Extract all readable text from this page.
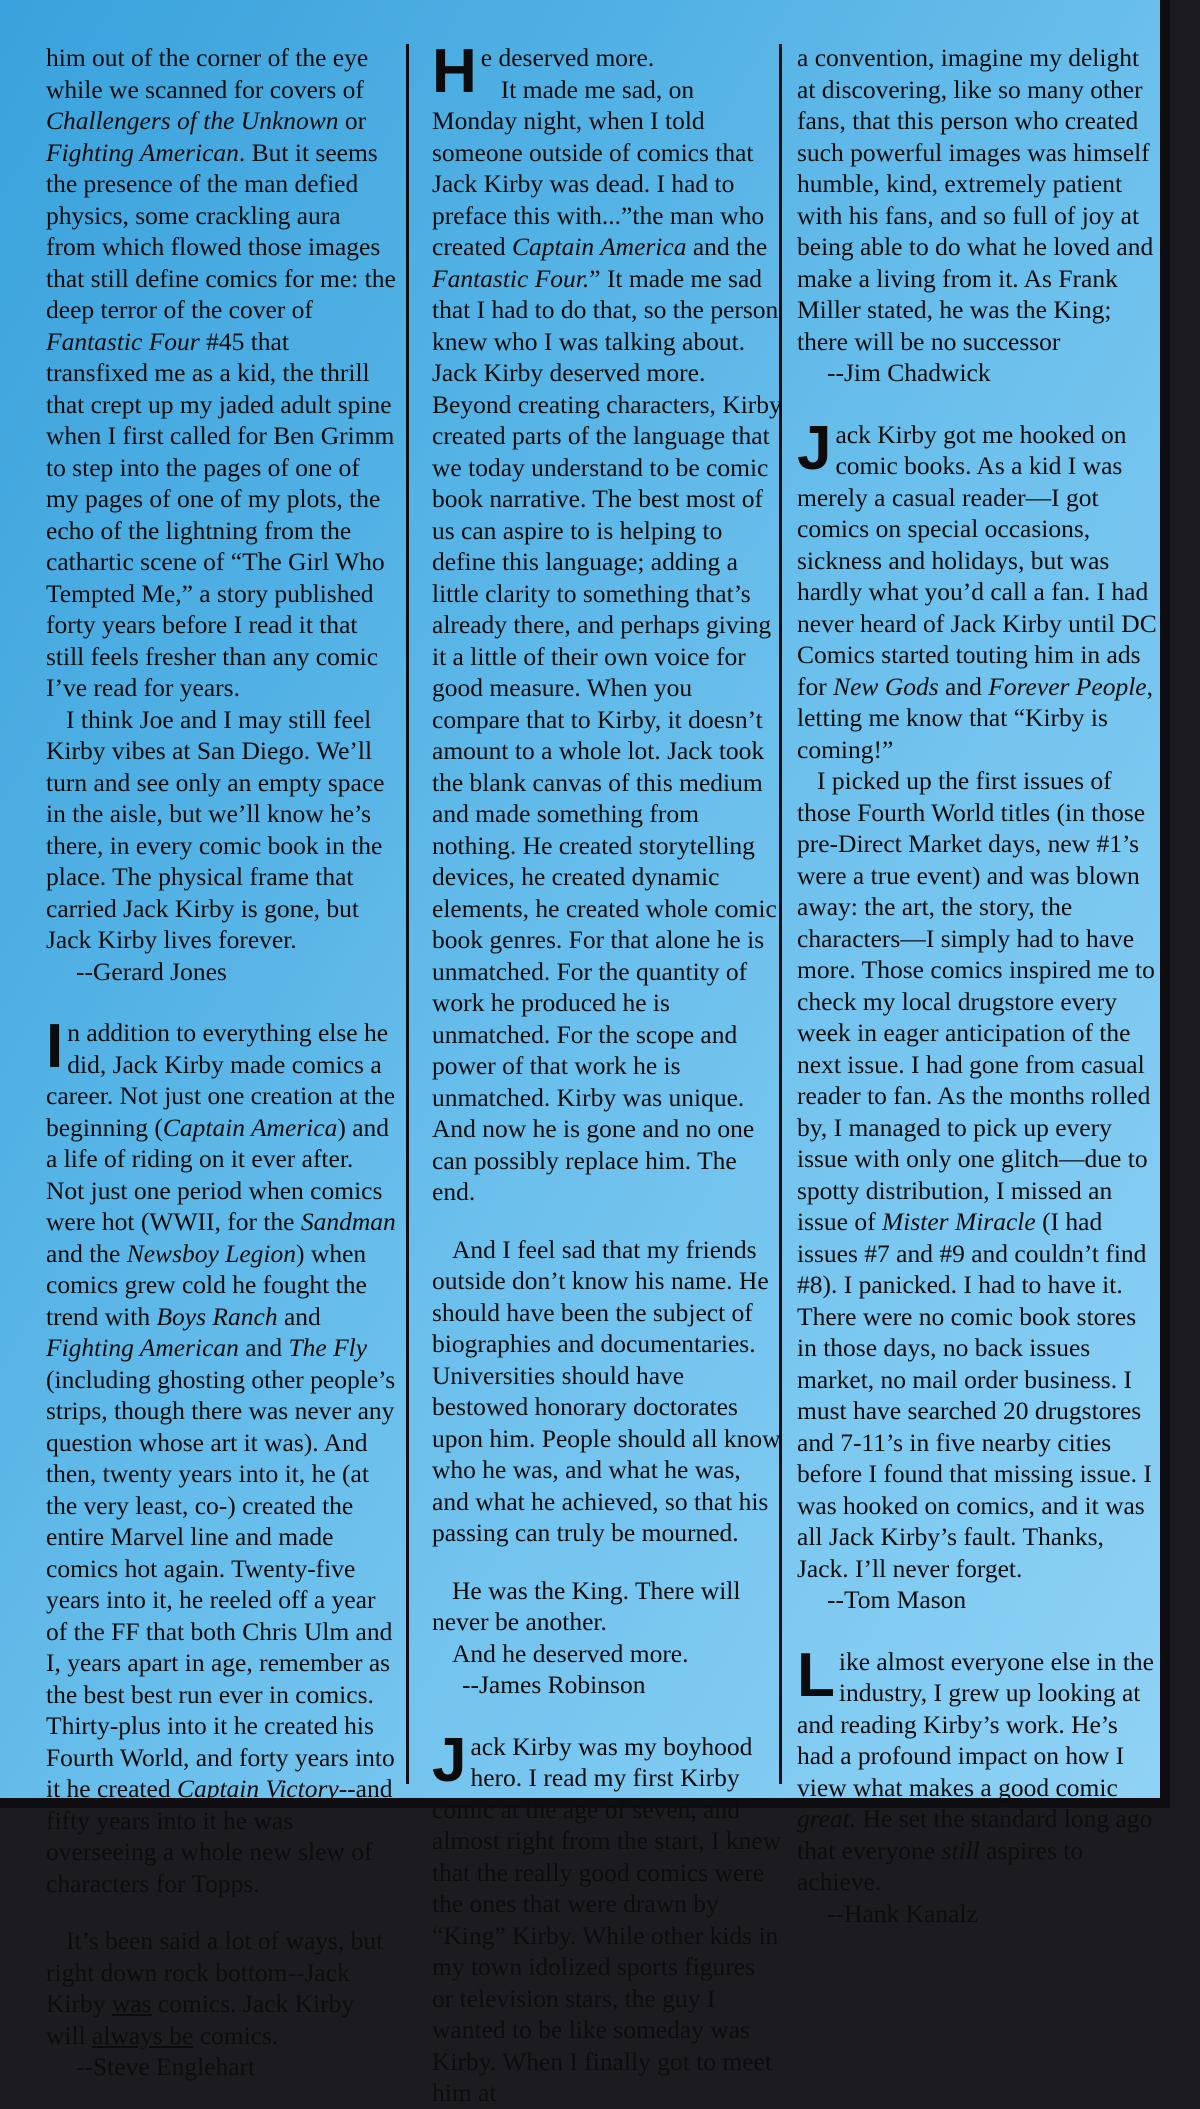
him out of the corner of the eye while we scanned for covers of Challengers of the Unknown or Fighting American. But it seems the presence of the man defied physics, some crackling aura from which flowed those images that still define comics for me: the deep terror of the cover of Fantastic Four #45 that transfixed me as a kid, the thrill that crept up my jaded adult spine when I first called for Ben Grimm to step into the pages of one of my pages of one of my plots, the echo of the lightning from the cathartic scene of “The Girl Who Tempted Me,” a story published forty years before I read it that still feels fresher than any comic I’ve read for years.

I think Joe and I may still feel Kirby vibes at San Diego. We’ll turn and see only an empty space in the aisle, but we’ll know he’s there, in every comic book in the place. The physical frame that carried Jack Kirby is gone, but Jack Kirby lives forever.

--Gerard Jones

In addition to everything else he did, Jack Kirby made comics a career. Not just one creation at the beginning (Captain America) and a life of riding on it ever after. Not just one period when comics were hot (WWII, for the Sandman and the Newsboy Legion) when comics grew cold he fought the trend with Boys Ranch and Fighting American and The Fly (including ghosting other people’s strips, though there was never any question whose art it was). And then, twenty years into it, he (at the very least, co-) created the entire Marvel line and made comics hot again. Twenty-five years into it, he reeled off a year of the FF that both Chris Ulm and I, years apart in age, remember as the best best run ever in comics. Thirty-plus into it he created his Fourth World, and forty years into it he created Captain Victory--and fifty years into it he was overseeing a whole new slew of characters for Topps.

It’s been said a lot of ways, but right down rock bottom--Jack Kirby was comics. Jack Kirby will always be comics.

--Steve Englehart

He deserved more.

It made me sad, on Monday night, when I told someone outside of comics that Jack Kirby was dead. I had to preface this with...”the man who created Captain America and the Fantastic Four.” It made me sad that I had to do that, so the person knew who I was talking about. Jack Kirby deserved more. Beyond creating characters, Kirby created parts of the language that we today understand to be comic book narrative. The best most of us can aspire to is helping to define this language; adding a little clarity to something that’s already there, and perhaps giving it a little of their own voice for good measure. When you compare that to Kirby, it doesn’t amount to a whole lot. Jack took the blank canvas of this medium and made something from nothing. He created storytelling devices, he created dynamic elements, he created whole comic book genres. For that alone he is unmatched. For the quantity of work he produced he is unmatched. For the scope and power of that work he is unmatched. Kirby was unique. And now he is gone and no one can possibly replace him. The end.

And I feel sad that my friends outside don’t know his name. He should have been the subject of biographies and documentaries. Universities should have bestowed honorary doctorates upon him. People should all know who he was, and what he was, and what he achieved, so that his passing can truly be mourned.

He was the King. There will never be another.

And he deserved more.

--James Robinson

Jack Kirby was my boyhood hero. I read my first Kirby comic at the age of seven, and almost right from the start, I knew that the really good comics were the ones that were drawn by “King” Kirby. While other kids in my town idolized sports figures or television stars, the guy I wanted to be like someday was Kirby. When I finally got to meet him at

a convention, imagine my delight at discovering, like so many other fans, that this person who created such powerful images was himself humble, kind, extremely patient with his fans, and so full of joy at being able to do what he loved and make a living from it. As Frank Miller stated, he was the King; there will be no successor

--Jim Chadwick

Jack Kirby got me hooked on comic books. As a kid I was merely a casual reader—I got comics on special occasions, sickness and holidays, but was hardly what you’d call a fan. I had never heard of Jack Kirby until DC Comics started touting him in ads for New Gods and Forever People, letting me know that “Kirby is coming!”

I picked up the first issues of those Fourth World titles (in those pre-Direct Market days, new #1’s were a true event) and was blown away: the art, the story, the characters—I simply had to have more. Those comics inspired me to check my local drugstore every week in eager anticipation of the next issue. I had gone from casual reader to fan. As the months rolled by, I managed to pick up every issue with only one glitch—due to spotty distribution, I missed an issue of Mister Miracle (I had issues #7 and #9 and couldn’t find #8). I panicked. I had to have it. There were no comic book stores in those days, no back issues market, no mail order business. I must have searched 20 drugstores and 7-11’s in five nearby cities before I found that missing issue. I was hooked on comics, and it was all Jack Kirby’s fault. Thanks, Jack. I’ll never forget.

--Tom Mason

Like almost everyone else in the industry, I grew up looking at and reading Kirby’s work. He’s had a profound impact on how I view what makes a good comic great. He set the standard long ago that everyone still aspires to achieve.

--Hank Kanalz
